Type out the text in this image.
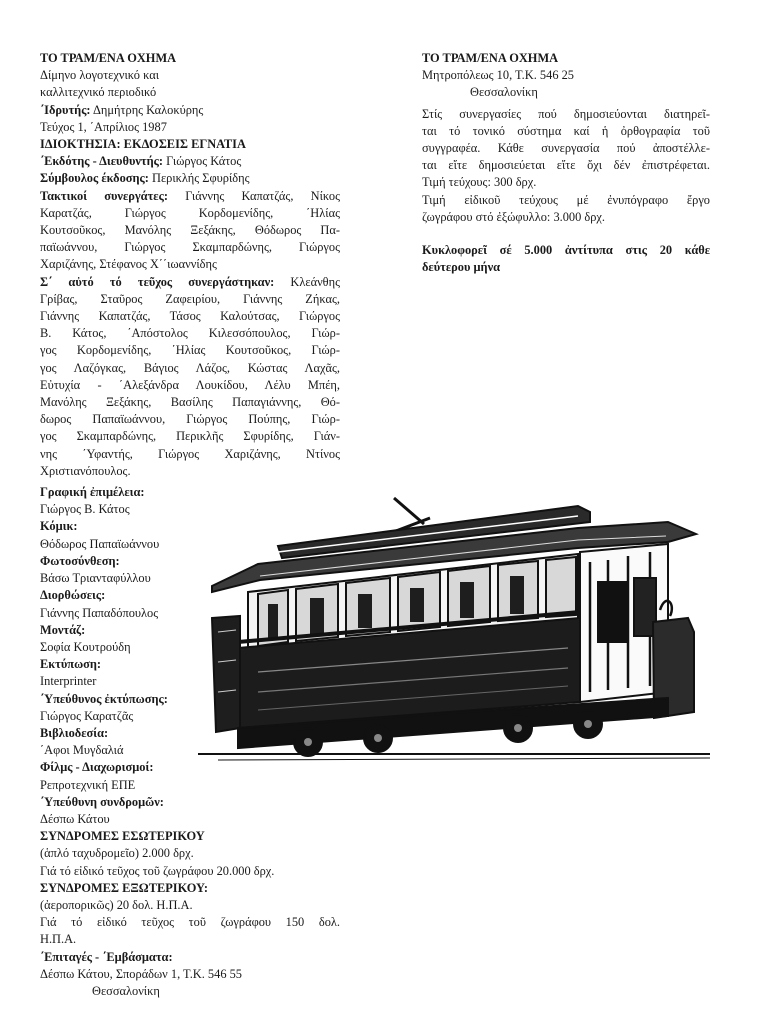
ΤΟ ΤΡΑΜ/ΕΝΑ ΟΧΗΜΑ
Δίμηνο λογοτεχνικό και
καλλιτεχνικό περιοδικό
΄Ιδρυτής: Δημήτρης Καλοκύρης
Τεύχος 1, ΄Απρίλιος 1987
ΙΔΙΟΚΤΗΣΙΑ: ΕΚΔΟΣΕΙΣ ΕΓΝΑΤΙΑ
΄Εκδότης - Διευθυντής: Γιώργος Κάτος
Σύμβουλος έκδοσης: Περικλής Σφυρίδης
Τακτικοί συνεργάτες: Γιάννης Καπατζάς, Νίκος
Καρατζάς, Γιώργος Κορδομενίδης, ΄Ηλίας
Κουτσοῦκος, Μανόλης Ξεξάκης, Θόδωρος Πα-
παϊωάννου, Γιώργος Σκαμπαρδώνης, Γιώργος
Χαριζάνης, Στέφανος Χ΄΄ιωαννίδης
Σ΄ αὐτό τό τεῦχος συνεργάστηκαν: Κλεάνθης
Γρίβας, Σταῦρος Ζαφειρίου, Γιάννης Ζήκας,
Γιάννης Καπατζάς, Τάσος Καλούτσας, Γιώργος
Β. Κάτος, ΄Απόστολος Κιλεσσόπουλος, Γιώρ-
γος Κορδομενίδης, ΄Ηλίας Κουτσοῦκος, Γιώρ-
γος Λαζόγκας, Βάγιος Λάζος, Κώστας Λαχᾶς,
Εὐτυχία - ΄Αλεξάνδρα Λουκίδου, Λέλυ Μπέη,
Μανόλης Ξεξάκης, Βασίλης Παπαγιάννης, Θό-
δωρος Παπαϊωάννου, Γιώργος Πούπης, Γιώρ-
γος Σκαμπαρδώνης, Περικλῆς Σφυρίδης, Γιάν-
νης ΄Υφαντής, Γιώργος Χαριζάνης, Ντίνος
Χριστιανόπουλος.
Γραφική ἐπιμέλεια:
Γιώργος Β. Κάτος
Κόμικ:
Θόδωρος Παπαϊωάννου
Φωτοσύνθεση:
Βάσω Τριανταφύλλου
Διορθώσεις:
Γιάννης Παπαδόπουλος
Μοντάζ:
Σοφία Κουτρούδη
Εκτύπωση:
Interprinter
΄Υπεύθυνος ἐκτύπωσης:
Γιώργος Καρατζᾶς
Βιβλιοδεσία:
΄Αφοι Μυγδαλιά
Φίλμς - Διαχωρισμοί:
Ρεπροτεχνική ΕΠΕ
΄Υπεύθυνη συνδρομῶν:
Δέσπω Κάτου
ΣΥΝΔΡΟΜΕΣ ΕΣΩΤΕΡΙΚΟΥ
(ἁπλό ταχυδρομεῖο) 2.000 δρχ.
Γιά τό εἰδικό τεῦχος τοῦ ζωγράφου 20.000 δρχ.
ΣΥΝΔΡΟΜΕΣ ΕΞΩΤΕΡΙΚΟΥ:
(ἀεροπορικῶς) 20 δολ. Η.Π.Α.
Γιά τό εἰδικό τεῦχος τοῦ ζωγράφου 150 δολ.
Η.Π.Α.
΄Επιταγές - ΄Εμβάσματα:
Δέσπω Κάτου, Σποράδων 1, Τ.Κ. 546 55
Θεσσαλονίκη
ΤΟ ΤΡΑΜ/ΕΝΑ ΟΧΗΜΑ
Μητροπόλεως 10, Τ.Κ. 546 25
Θεσσαλονίκη
Στίς συνεργασίες πού δημοσιεύονται διατηρεῖ-
ται τό τονικό σύστημα καί ἡ ὀρθογραφία τοῦ
συγγραφέα. Κάθε συνεργασία πού ἀποστέλλε-
ται εἴτε δημοσιεύεται εἴτε ὄχι δέν ἐπιστρέφεται.
Τιμή τεύχους: 300 δρχ.
Τιμή εἰδικοῦ τεύχους μέ ἐνυπόγραφο ἔργο
ζωγράφου στό ἐξώφυλλο: 3.000 δρχ.
Κυκλοφορεῖ σέ 5.000 ἀντίτυπα στις 20 κάθε
δεύτερου μήνα
